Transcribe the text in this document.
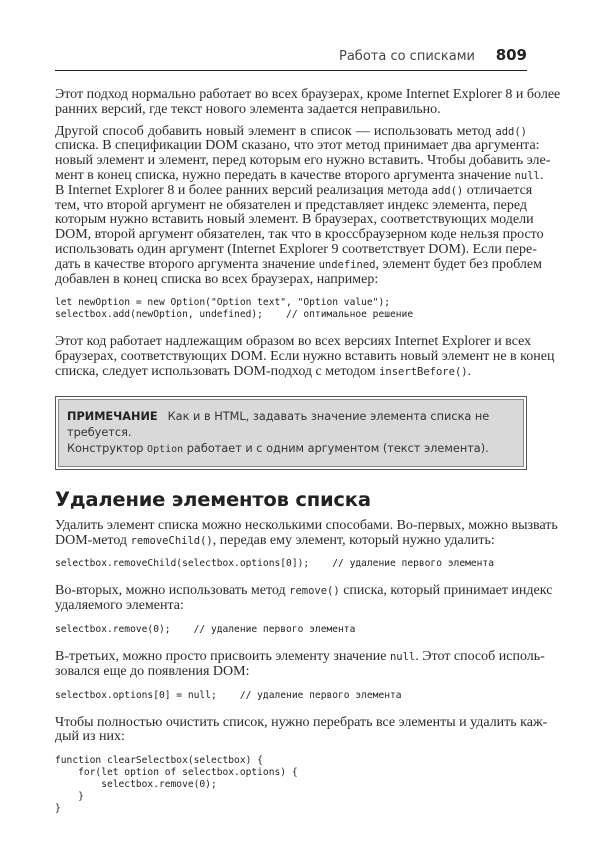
Работа со списками 809
Этот подход нормально работает во всех браузерах, кроме Internet Explorer 8 и более
ранних версий, где текст нового элемента задается неправильно.
Другой способ добавить новый элемент в список — использовать метод add()
списка. В спецификации DOM сказано, что этот метод принимает два аргумента:
новый элемент и элемент, перед которым его нужно вставить. Чтобы добавить эле-
мент в конец списка, нужно передать в качестве второго аргумента значение null.
В Internet Explorer 8 и более ранних версий реализация метода add() отличается
тем, что второй аргумент не обязателен и представляет индекс элемента, перед
которым нужно вставить новый элемент. В браузерах, соответствующих модели
DOM, второй аргумент обязателен, так что в кроссбраузерном коде нельзя просто
использовать один аргумент (Internet Explorer 9 соответствует DOM). Если пере-
дать в качестве второго аргумента значение undefined, элемент будет без проблем
добавлен в конец списка во всех браузерах, например:
let newOption = new Option("Option text", "Option value");
selectbox.add(newOption, undefined);    // оптимальное решение
Этот код работает надлежащим образом во всех версиях Internet Explorer и всех
браузерах, соответствующих DOM. Если нужно вставить новый элемент не в конец
списка, следует использовать DOM-подход с методом insertBefore().
ПРИМЕЧАНИЕ Как и в HTML, задавать значение элемента списка не требуется.
Конструктор Option работает и с одним аргументом (текст элемента).
Удаление элементов списка
Удалить элемент списка можно несколькими способами. Во-первых, можно вызвать
DOM-метод removeChild(), передав ему элемент, который нужно удалить:
selectbox.removeChild(selectbox.options[0]);    // удаление первого элемента
Во-вторых, можно использовать метод remove() списка, который принимает индекс
удаляемого элемента:
selectbox.remove(0);    // удаление первого элемента
В-третьих, можно просто присвоить элементу значение null. Этот способ исполь-
зовался еще до появления DOM:
selectbox.options[0] = null;    // удаление первого элемента
Чтобы полностью очистить список, нужно перебрать все элементы и удалить каж-
дый из них:
function clearSelectbox(selectbox) {
for(let option of selectbox.options) {
selectbox.remove(0);
}
}
